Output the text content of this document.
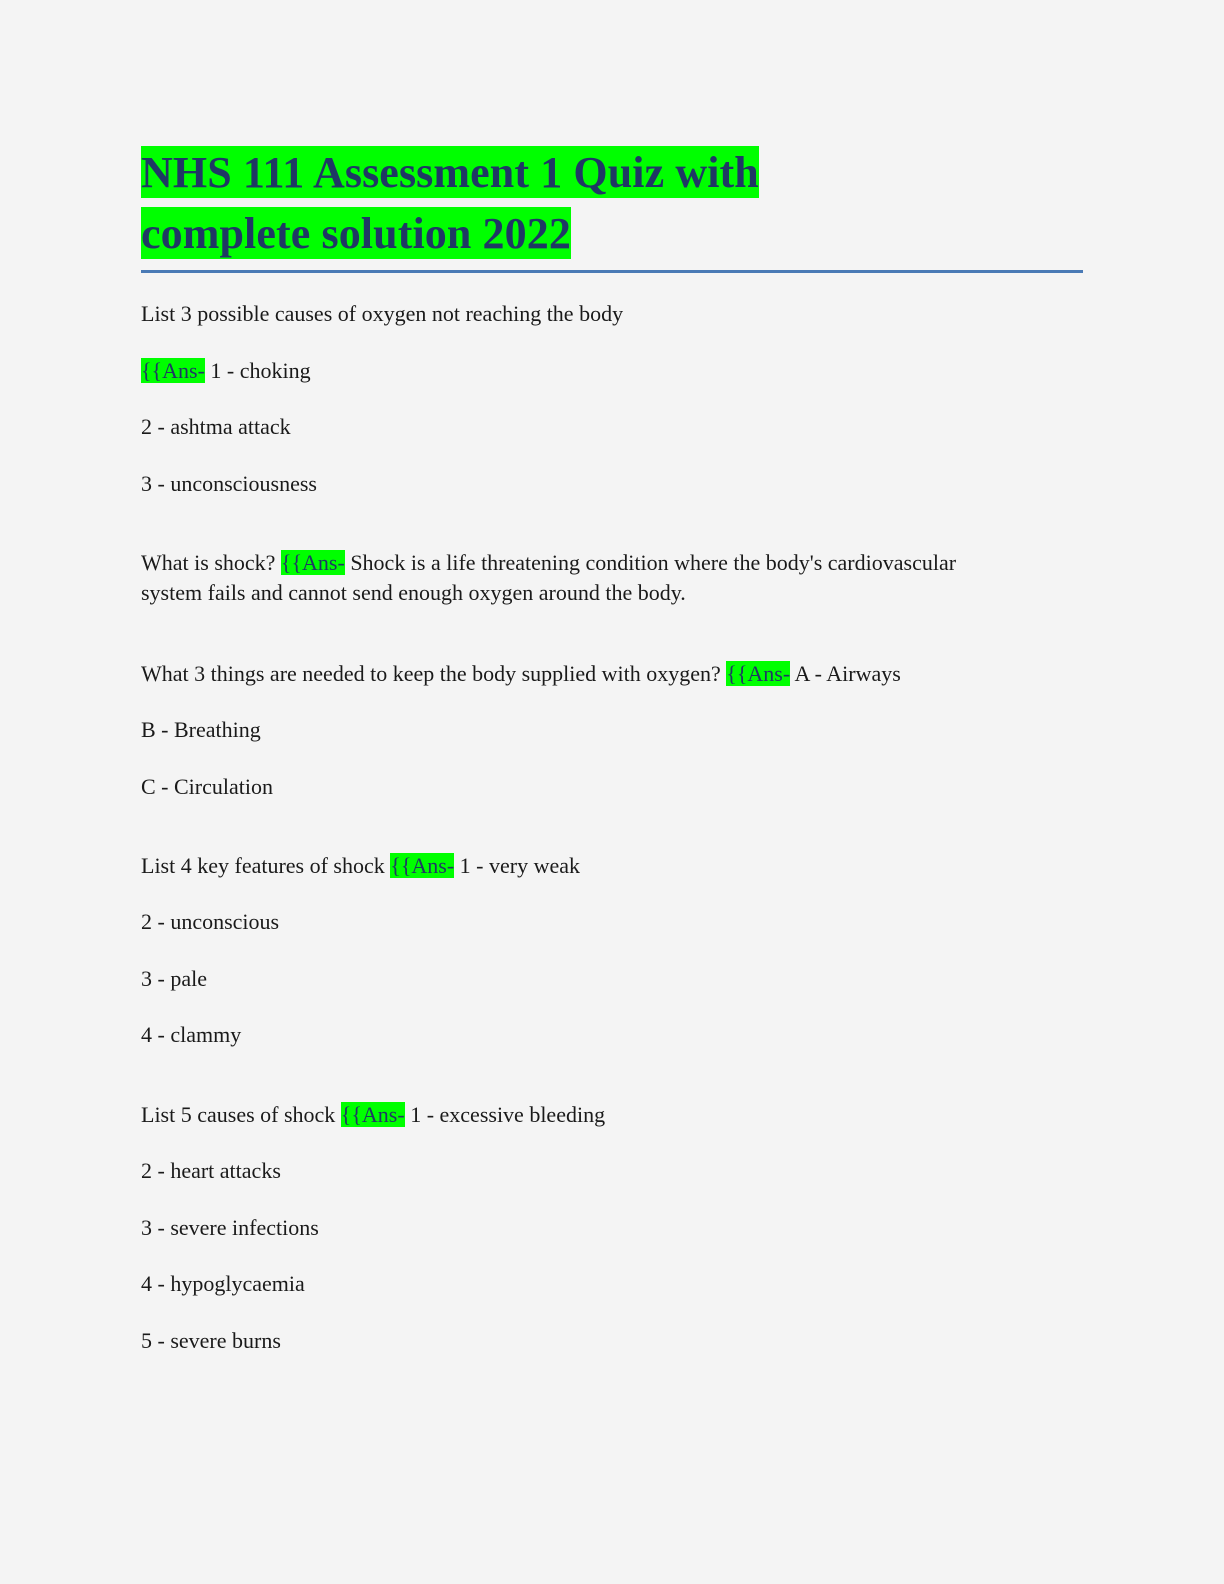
NHS 111 Assessment 1 Quiz with
complete solution 2022

List 3 possible causes of oxygen not reaching the body

{{Ans- 1 - choking

2 - ashtma attack

3 - unconsciousness

What is shock? {{Ans- Shock is a life threatening condition where the body's cardiovascular system fails and cannot send enough oxygen around the body.

What 3 things are needed to keep the body supplied with oxygen? {{Ans- A - Airways

B - Breathing

C - Circulation

List 4 key features of shock {{Ans- 1 - very weak

2 - unconscious

3 - pale

4 - clammy

List 5 causes of shock {{Ans- 1 - excessive bleeding

2 - heart attacks

3 - severe infections

4 - hypoglycaemia

5 - severe burns
